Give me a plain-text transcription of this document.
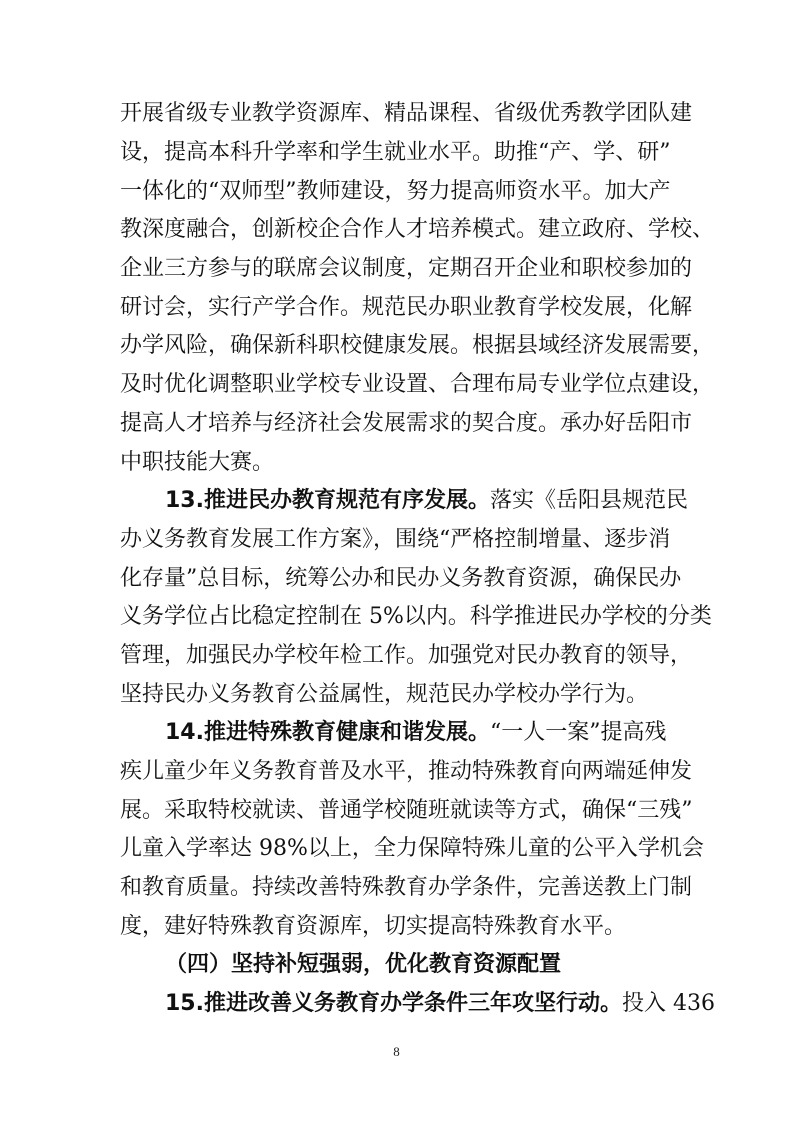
开展省级专业教学资源库、精品课程、省级优秀教学团队建
设，提高本科升学率和学生就业水平。助推“产、学、研”
一体化的“双师型”教师建设，努力提高师资水平。加大产
教深度融合，创新校企合作人才培养模式。建立政府、学校、
企业三方参与的联席会议制度，定期召开企业和职校参加的
研讨会，实行产学合作。规范民办职业教育学校发展，化解
办学风险，确保新科职校健康发展。根据县域经济发展需要，
及时优化调整职业学校专业设置、合理布局专业学位点建设，
提高人才培养与经济社会发展需求的契合度。承办好岳阳市
中职技能大赛。
13.推进民办教育规范有序发展。落实《岳阳县规范民
办义务教育发展工作方案》，围绕“严格控制增量、逐步消
化存量”总目标，统筹公办和民办义务教育资源，确保民办
义务学位占比稳定控制在 5%以内。科学推进民办学校的分类
管理，加强民办学校年检工作。加强党对民办教育的领导，
坚持民办义务教育公益属性，规范民办学校办学行为。
14.推进特殊教育健康和谐发展。“一人一案”提高残
疾儿童少年义务教育普及水平，推动特殊教育向两端延伸发
展。采取特校就读、普通学校随班就读等方式，确保“三残”
儿童入学率达 98%以上，全力保障特殊儿童的公平入学机会
和教育质量。持续改善特殊教育办学条件，完善送教上门制
度，建好特殊教育资源库，切实提高特殊教育水平。
（四）坚持补短强弱，优化教育资源配置
15.推进改善义务教育办学条件三年攻坚行动。投入 436
8
